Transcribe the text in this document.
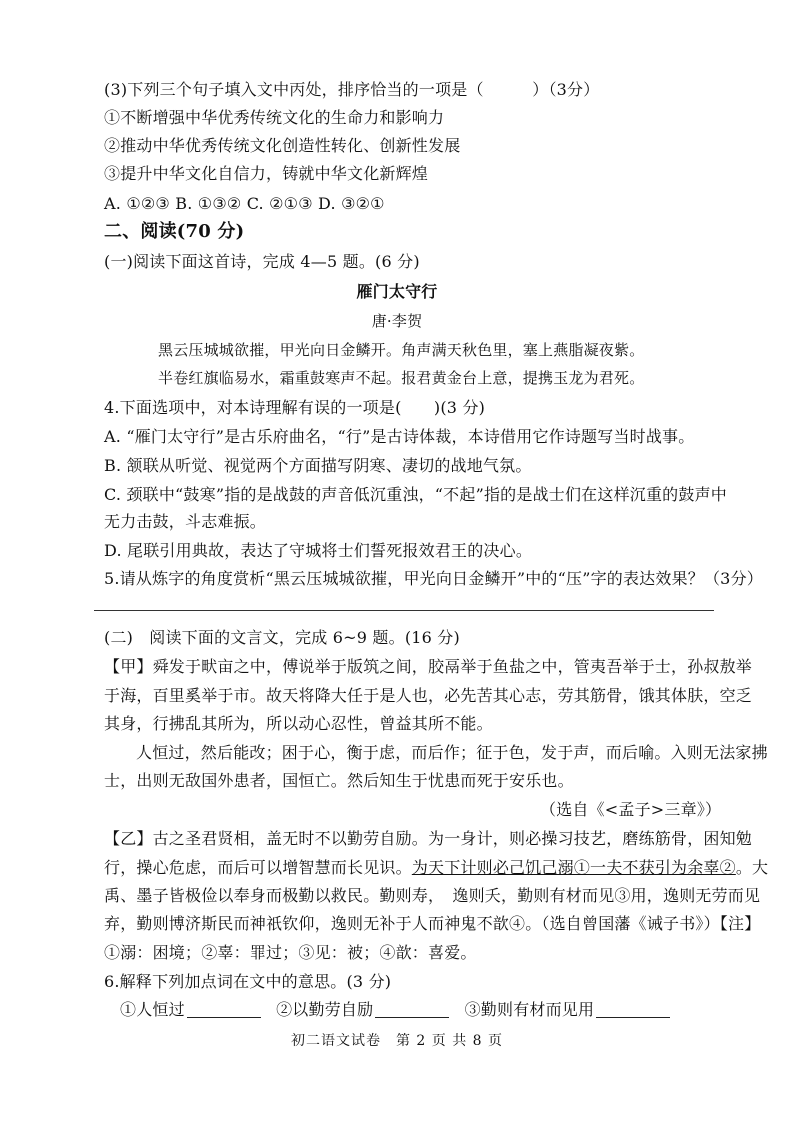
(3)下列三个句子填入文中丙处，排序恰当的一项是（　　　）（3分）
①不断增强中华优秀传统文化的生命力和影响力
②推动中华优秀传统文化创造性转化、创新性发展
③提升中华文化自信力，铸就中华文化新辉煌
A. ①②③ B. ①③② C. ②①③ D. ③②①
二、阅读(70 分)
(一)阅读下面这首诗，完成 4—5 题。(6 分)
雁门太守行
唐·李贺
黑云压城城欲摧，甲光向日金鳞开。角声满天秋色里，塞上燕脂凝夜紫。
半卷红旗临易水，霜重鼓寒声不起。报君黄金台上意，提携玉龙为君死。
4.下面选项中，对本诗理解有误的一项是(　　)(3 分)
A. “雁门太守行”是古乐府曲名，“行”是古诗体裁，本诗借用它作诗题写当时战事。
B. 颔联从听觉、视觉两个方面描写阴寒、凄切的战地气氛。
C. 颈联中“鼓寒”指的是战鼓的声音低沉重浊，“不起”指的是战士们在这样沉重的鼓声中
无力击鼓，斗志难振。
D. 尾联引用典故，表达了守城将士们誓死报效君王的决心。
5.请从炼字的角度赏析“黑云压城城欲摧，甲光向日金鳞开”中的“压”字的表达效果？（3分）
(二)　阅读下面的文言文，完成 6~9 题。(16 分)
【甲】舜发于畎亩之中，傅说举于版筑之间，胶鬲举于鱼盐之中，管夷吾举于士，孙叔敖举
于海，百里奚举于市。故天将降大任于是人也，必先苦其心志，劳其筋骨，饿其体肤，空乏
其身，行拂乱其所为，所以动心忍性，曾益其所不能。
人恒过，然后能改；困于心，衡于虑，而后作；征于色，发于声，而后喻。入则无法家拂
士，出则无敌国外患者，国恒亡。然后知生于忧患而死于安乐也。
（选自《<孟子>三章》）
【乙】古之圣君贤相，盖无时不以勤劳自励。为一身计，则必操习技艺，磨练筋骨，困知勉
行，操心危虑，而后可以增智慧而长见识。为天下计则必己饥己溺①一夫不获引为余辜②。大
禹、墨子皆极俭以奉身而极勤以救民。勤则寿，　逸则夭，勤则有材而见③用，逸则无劳而见
弃，勤则博济斯民而神祇钦仰，逸则无补于人而神鬼不歆④。（选自曾国藩《诫子书》）【注】
①溺：困境；②辜：罪过；③见：被；④歆：喜爱。
6.解释下列加点词在文中的意思。(3 分)
①人恒过	②以勤劳自励	③勤则有材而见用
初二语文试卷　第 2 页 共 8 页
